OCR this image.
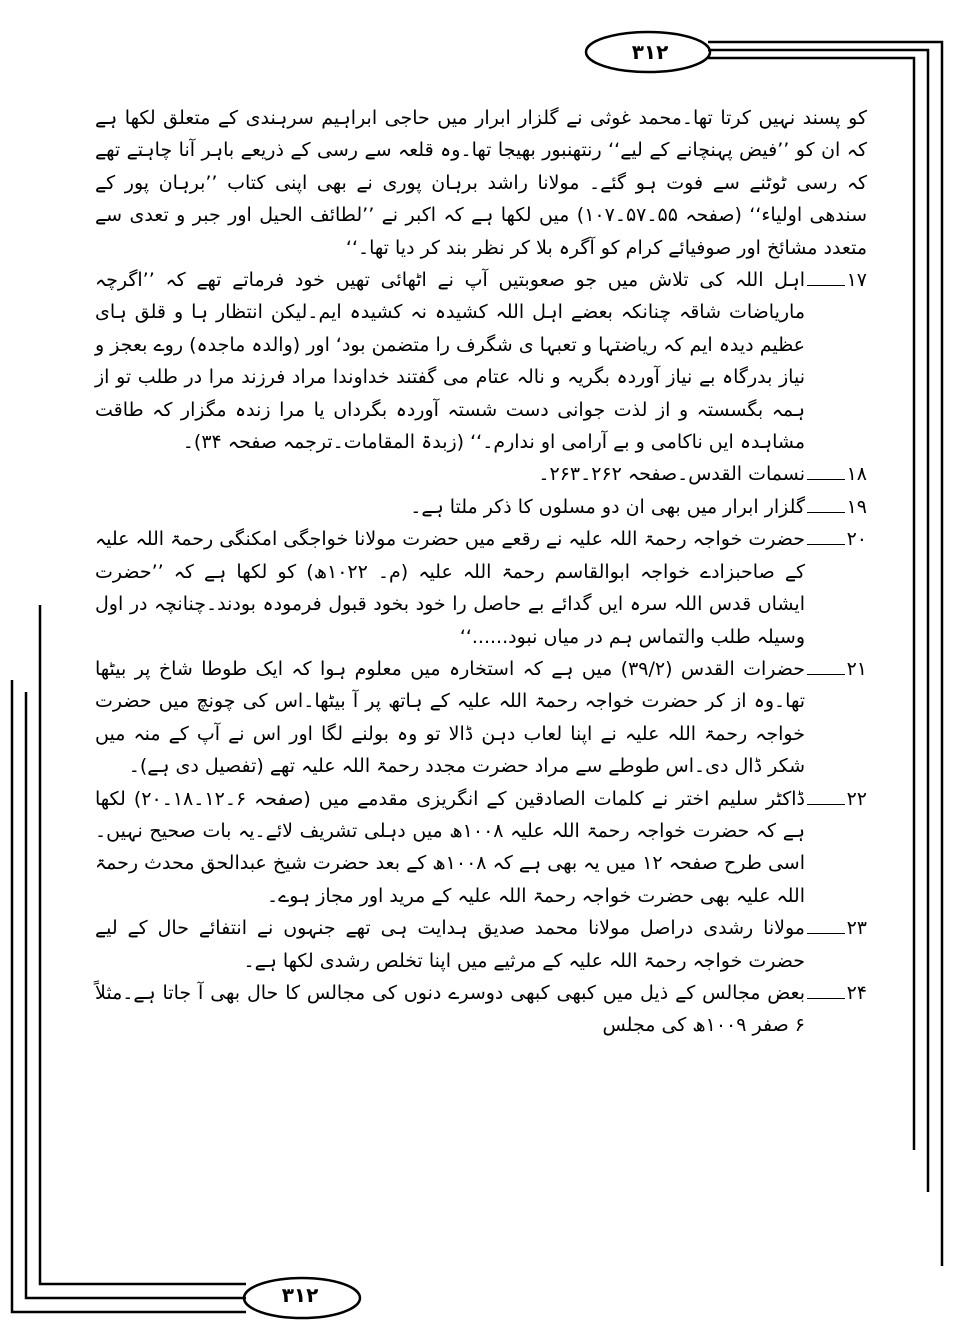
۳۱۲
۳۱۲

کو پسند نہیں کرتا تھا۔محمد غوثی نے گلزار ابرار میں حاجی ابراہیم سرہندی کے متعلق لکھا ہے کہ ان کو ’’فیض پہنچانے کے لیے‘‘ رنتھنبور بھیجا تھا۔وہ قلعہ سے رسی کے ذریعے باہر آنا چاہتے تھے کہ رسی ٹوٹنے سے فوت ہو گئے۔ مولانا راشد برہان پوری نے بھی اپنی کتاب ’’برہان پور کے سندھی اولیاء‘‘ (صفحہ ۵۵۔۵۷۔۱۰۷) میں لکھا ہے کہ اکبر نے ’’لطائف الحیل اور جبر و تعدی سے متعدد مشائخ اور صوفیائے کرام کو آگرہ بلا کر نظر بند کر دیا تھا۔‘‘

۱۷

اہل اللہ کی تلاش میں جو صعوبتیں آپ نے اٹھائی تھیں خود فرماتے تھے کہ ’’اگرچہ ماریاضات شاقہ چنانکہ بعضے اہل اللہ کشیدہ نہ کشیدہ ایم۔لیکن انتظار ہا و قلق ہای عظیم دیدہ ایم کہ ریاضتہا و تعبہا ی شگرف را متضمن بود‘ اور (والدہ ماجدہ) روے بعجز و نیاز بدرگاہ بے نیاز آوردہ بگریہ و نالہ عتام می گفتند خداوندا مراد فرزند مرا در طلب تو از ہمہ بگسستہ و از لذت جوانی دست شستہ آوردہ بگرداں یا مرا زندہ مگزار کہ طاقت مشاہدہ ایں ناکامی و بے آرامی او ندارم۔‘‘ (زبدۃ المقامات۔ترجمہ صفحہ ۳۴)۔

۱۸

نسمات القدس۔صفحہ ۲۶۲۔۲۶۳۔

۱۹

گلزار ابرار میں بھی ان دو مسلوں کا ذکر ملتا ہے۔

۲۰

حضرت خواجہ رحمۃ اللہ علیہ نے رقعے میں حضرت مولانا خواجگی امکنگی رحمۃ اللہ علیہ کے صاحبزادے خواجہ ابوالقاسم رحمۃ اللہ علیہ (م۔ ۱۰۲۲ھ) کو لکھا ہے کہ ’’حضرت ایشاں قدس اللہ سرہ ایں گدائے بے حاصل را خود بخود قبول فرمودہ بودند۔چنانچہ در اول وسیلہ طلب والتماس ہم در میاں نبود......‘‘

۲۱

حضرات القدس (۳۹/۲) میں ہے کہ استخارہ میں معلوم ہوا کہ ایک طوطا شاخ پر بیٹھا تھا۔وہ از کر حضرت خواجہ رحمۃ اللہ علیہ کے ہاتھ پر آ بیٹھا۔اس کی چونچ میں حضرت خواجہ رحمۃ اللہ علیہ نے اپنا لعاب دہن ڈالا تو وہ بولنے لگا اور اس نے آپ کے منہ میں شکر ڈال دی۔اس طوطے سے مراد حضرت مجدد رحمۃ اللہ علیہ تھے (تفصیل دی ہے)۔

۲۲

ڈاکٹر سلیم اختر نے کلمات الصادقین کے انگریزی مقدمے میں (صفحہ ۶۔۱۲۔۱۸۔۲۰) لکھا ہے کہ حضرت خواجہ رحمۃ اللہ علیہ ۱۰۰۸ھ میں دہلی تشریف لائے۔یہ بات صحیح نہیں۔اسی طرح صفحہ ۱۲ میں یہ بھی ہے کہ ۱۰۰۸ھ کے بعد حضرت شیخ عبدالحق محدث رحمۃ اللہ علیہ بھی حضرت خواجہ رحمۃ اللہ علیہ کے مرید اور مجاز ہوے۔

۲۳

مولانا رشدی دراصل مولانا محمد صدیق ہدایت ہی تھے جنہوں نے انتفائے حال کے لیے حضرت خواجہ رحمۃ اللہ علیہ کے مرثیے میں اپنا تخلص رشدی لکھا ہے۔

۲۴

بعض مجالس کے ذیل میں کبھی کبھی دوسرے دنوں کی مجالس کا حال بھی آ جاتا ہے۔مثلاً ۶ صفر ۱۰۰۹ھ کی مجلس
